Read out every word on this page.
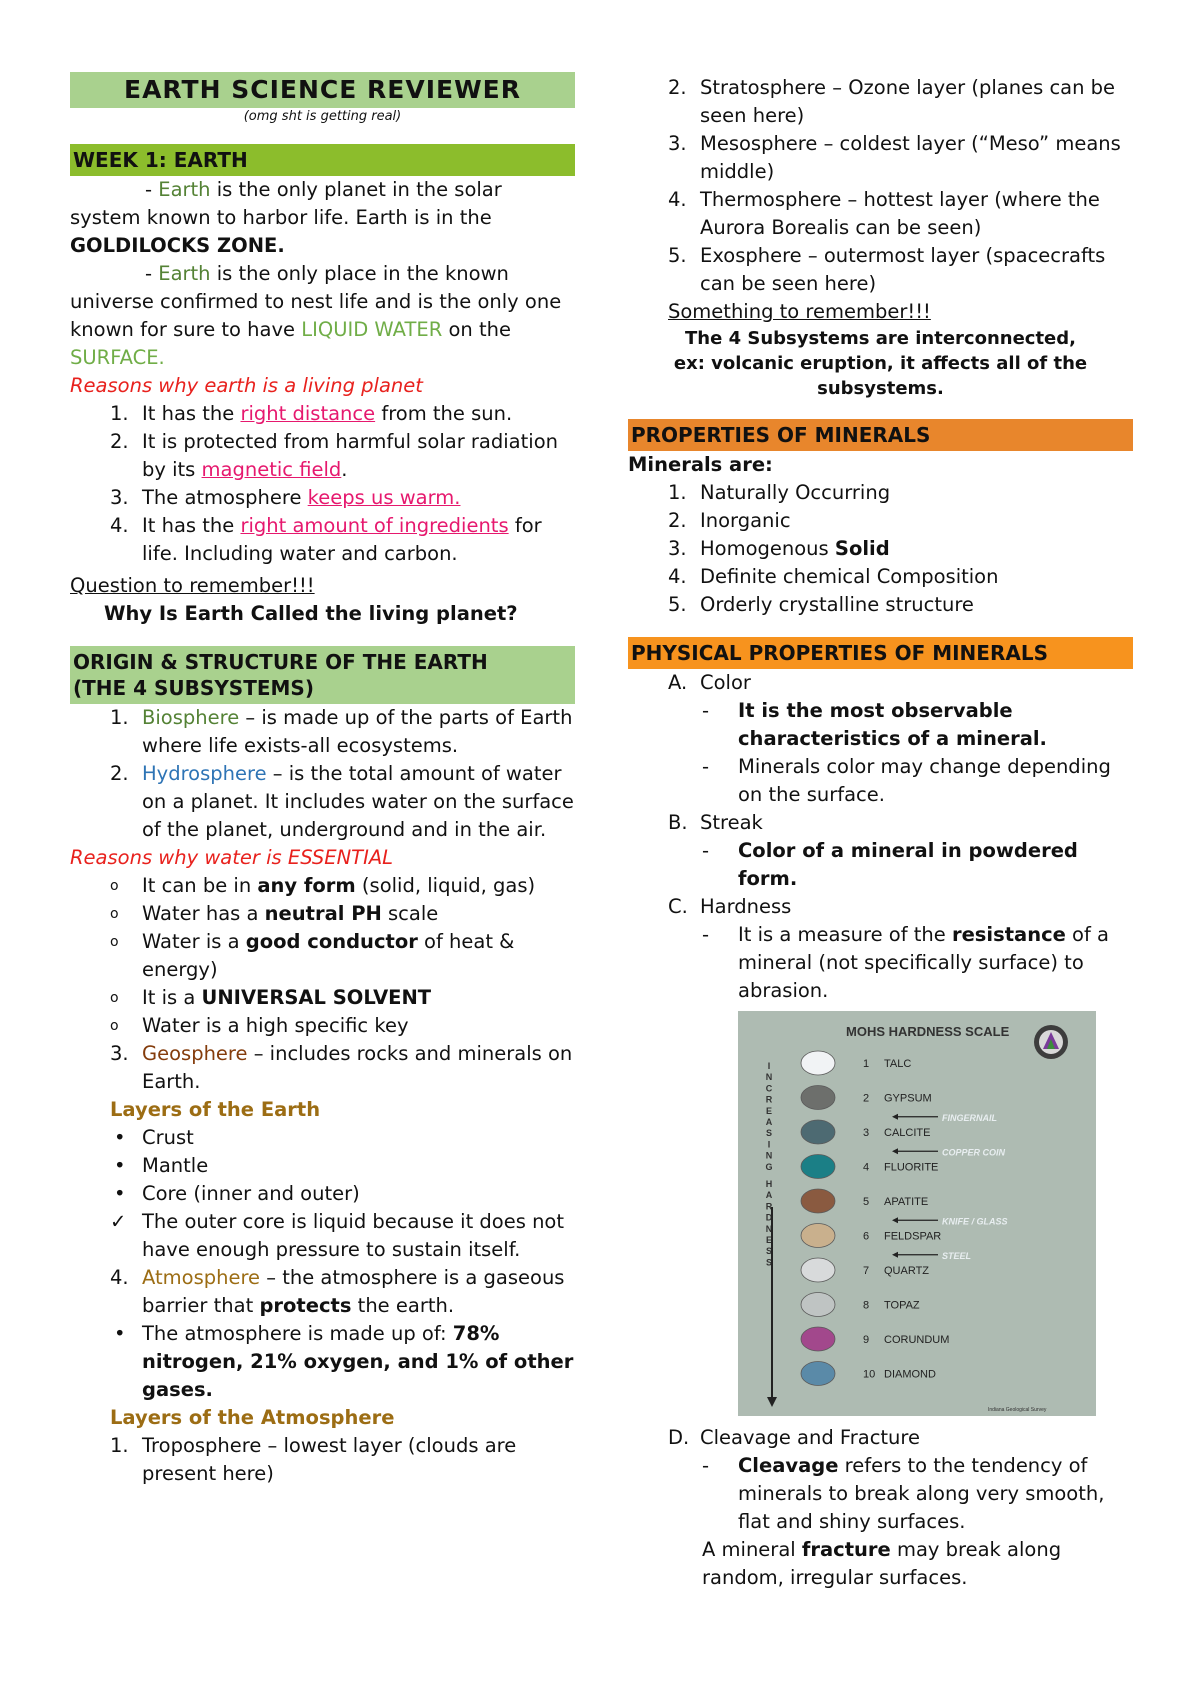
EARTH SCIENCE REVIEWER
(omg sht is getting real)
WEEK 1: EARTH

- Earth is the only planet in the solar system known to harbor life. Earth is in the GOLDILOCKS ZONE.

- Earth is the only place in the known universe confirmed to nest life and is the only one known for sure to have LIQUID WATER on the SURFACE.

Reasons why earth is a living planet
1. It has the right distance from the sun.
2. It is protected from harmful solar radiation by its magnetic field.
3. The atmosphere keeps us warm.
4. It has the right amount of ingredients for life. Including water and carbon.
Question to remember!!!
Why Is Earth Called the living planet?
ORIGIN & STRUCTURE OF THE EARTH
(THE 4 SUBSYSTEMS)
1. Biosphere – is made up of the parts of Earth where life exists-all ecosystems.
2. Hydrosphere – is the total amount of water on a planet. It includes water on the surface of the planet, underground and in the air.
Reasons why water is ESSENTIAL
o It can be in any form (solid, liquid, gas)
o Water has a neutral PH scale
o Water is a good conductor of heat & energy)
o It is a UNIVERSAL SOLVENT
o Water is a high specific key
3. Geosphere – includes rocks and minerals on Earth.
Layers of the Earth
• Crust
• Mantle
• Core (inner and outer)
✓ The outer core is liquid because it does not have enough pressure to sustain itself.
4. Atmosphere – the atmosphere is a gaseous barrier that protects the earth.
• The atmosphere is made up of: 78% nitrogen, 21% oxygen, and 1% of other gases.
Layers of the Atmosphere
1. Troposphere – lowest layer (clouds are present here)
2. Stratosphere – Ozone layer (planes can be seen here)
3. Mesosphere – coldest layer (“Meso” means middle)
4. Thermosphere – hottest layer (where the Aurora Borealis can be seen)
5. Exosphere – outermost layer (spacecrafts can be seen here)
Something to remember!!!
The 4 Subsystems are interconnected,
ex: volcanic eruption, it affects all of the subsystems.
PROPERTIES OF MINERALS
Minerals are:
1. Naturally Occurring
2. Inorganic
3. Homogenous Solid
4. Definite chemical Composition
5. Orderly crystalline structure
PHYSICAL PROPERTIES OF MINERALS
A. Color
- It is the most observable characteristics of a mineral.
- Minerals color may change depending on the surface.
B. Streak
- Color of a mineral in powdered form.
C. Hardness
- It is a measure of the resistance of a mineral (not specifically surface) to abrasion.
MOHS HARDNESS SCALE
I
N
C
R
E
A
S
I
N
G
H
A
R
D
N
E
S
S
1 TALC
2 GYPSUM
3 CALCITE
4 FLUORITE
5 APATITE
6 FELDSPAR
7 QUARTZ
8 TOPAZ
9 CORUNDUM
10 DIAMOND
FINGERNAIL
COPPER COIN
KNIFE / GLASS
STEEL
Indiana Geological Survey
D. Cleavage and Fracture
- Cleavage refers to the tendency of minerals to break along very smooth, flat and shiny surfaces.
A mineral fracture may break along random, irregular surfaces.
